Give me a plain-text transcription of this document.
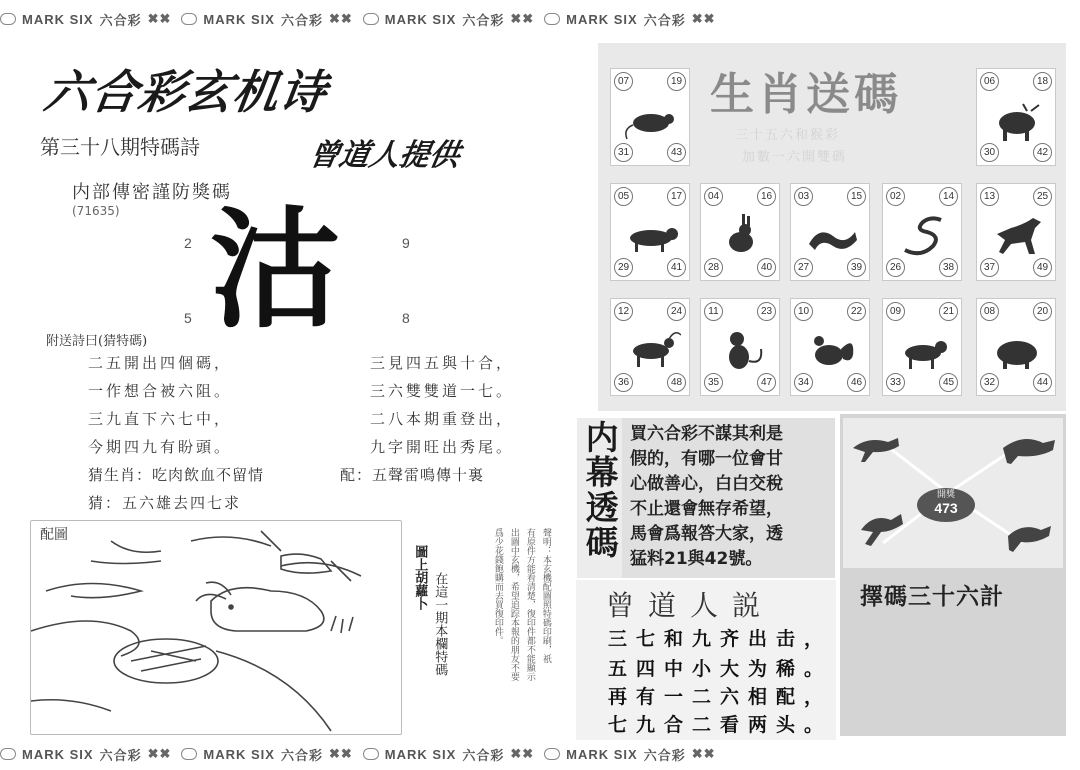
MARK SIX 六合彩 ✖✖ MARK SIX 六合彩 ✖✖ MARK SIX 六合彩 ✖✖ MARK SIX 六合彩 ✖✖
MARK SIX 六合彩 ✖✖ MARK SIX 六合彩 ✖✖ MARK SIX 六合彩 ✖✖ MARK SIX 六合彩 ✖✖
六合彩玄机诗
第三十八期特碼詩	曾道人提供
内部傳密謹防獎碼
(71635)
2	9
5	8
沽
附送詩曰(猜特碼)
二五開出四個碼，
一作想合被六阻。
三九直下六七中，
今期四九有盼頭。
猜生肖：吃肉飲血不留情
猜：五六雄去四七求
三見四五與十合，
三六雙雙道一七。
二八本期重登出，
九字開旺出秀尾。
配：五聲雷鳴傳十裏
配圖
圖上胡蘿卜 在這一期本欄特碼	聲明：本玄機配圖照特碼印刷，祇
有原件方能看清楚，復印件都不能顯示
出圖中玄機，希望追踪本報的朋友不要
爲少花錢飽購而去買復印件。
生肖送碼
三十五六和猴彩
加數一六開雙碼
07	19
31	43
06	18
30	42
05	17
29	41
04	16
28	40
03	15
27	39
02	14
26	38
13	25
37	49
12	24
36	48
11	23
35	47
10	22
34	46
09	21
33	45
08	20
32	44
内幕透碼 買六合彩不謀其利是
假的，有哪一位會甘
心做善心，白白交稅
不止還會無存希望，
馬會爲報答大家，透
猛料21與42號。
曾道人説
三七和九齐出击，
五四中小大为稀。
再有一二六相配，
七九合二看两头。
開獎
473
擇碼三十六計
